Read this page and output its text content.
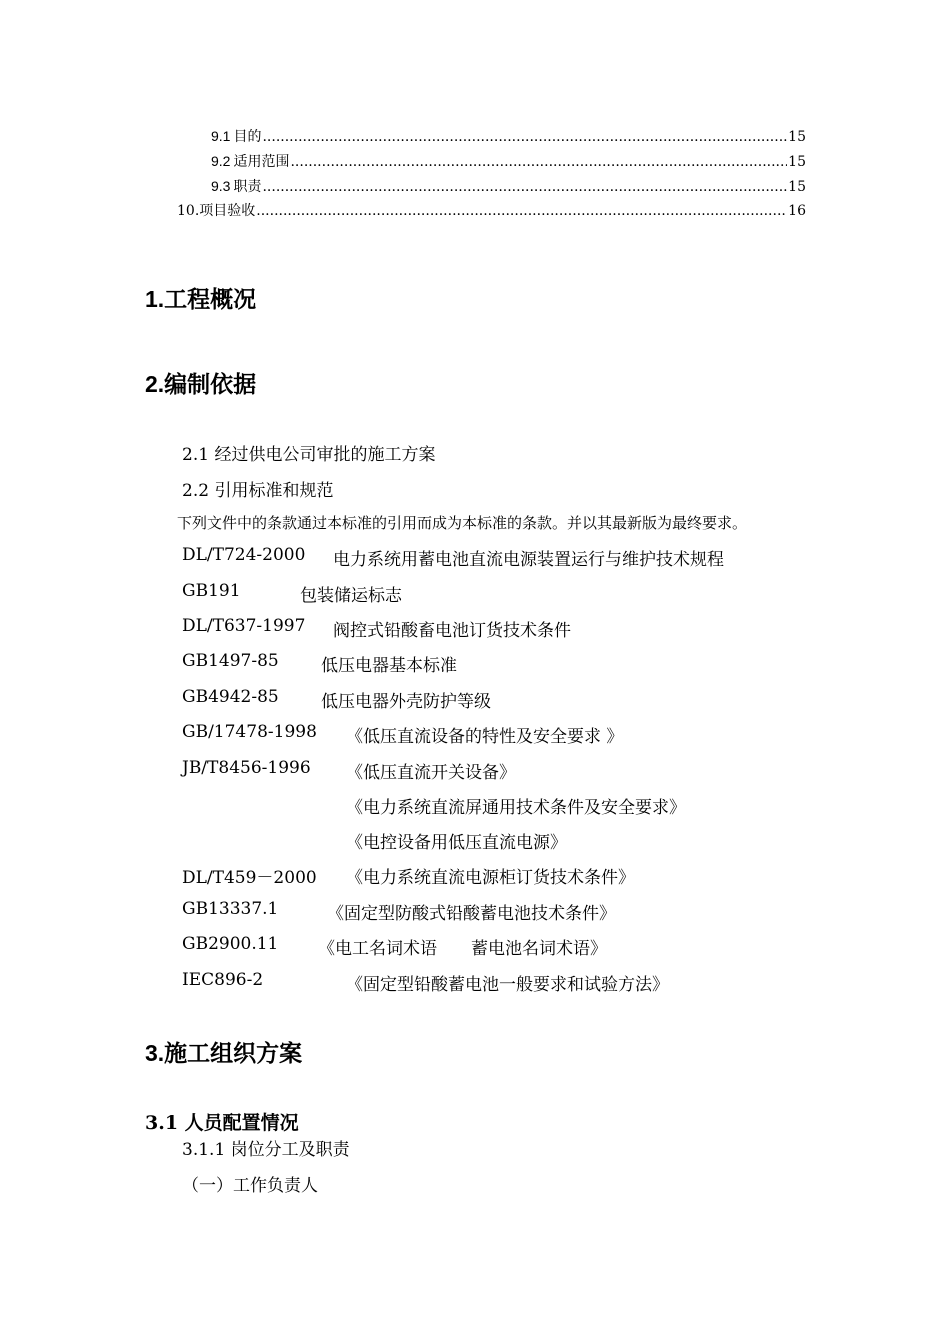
9.1 目的 .....	15
9.2 适用范围 .....	15
9.3 职责 .....	15
10.项目验收 .....	16
1.工程概况
2.编制依据
2.1 经过供电公司审批的施工方案
2.2 引用标准和规范
下列文件中的条款通过本标准的引用而成为本标准的条款。并以其最新版为最终要求。
DL/T724-2000 电力系统用蓄电池直流电源装置运行与维护技术规程
GB191	包装储运标志
DL/T637-1997 阀控式铅酸畜电池订货技术条件
GB1497-85 低压电器基本标准
GB4942-85 低压电器外壳防护等级
GB/17478-1998 《低压直流设备的特性及安全要求 》
JB/T8456-1996 《低压直流开关设备》
《电力系统直流屏通用技术条件及安全要求》
《电控设备用低压直流电源》
DL/T459－2000 《电力系统直流电源柜订货技术条件》
GB13337.1	《固定型防酸式铅酸蓄电池技术条件》
GB2900.11 《电工名词术语　　蓄电池名词术语》
IEC896-2	《固定型铅酸蓄电池一般要求和试验方法》
3.施工组织方案
3.1 人员配置情况
3.1.1 岗位分工及职责
（一）工作负责人
